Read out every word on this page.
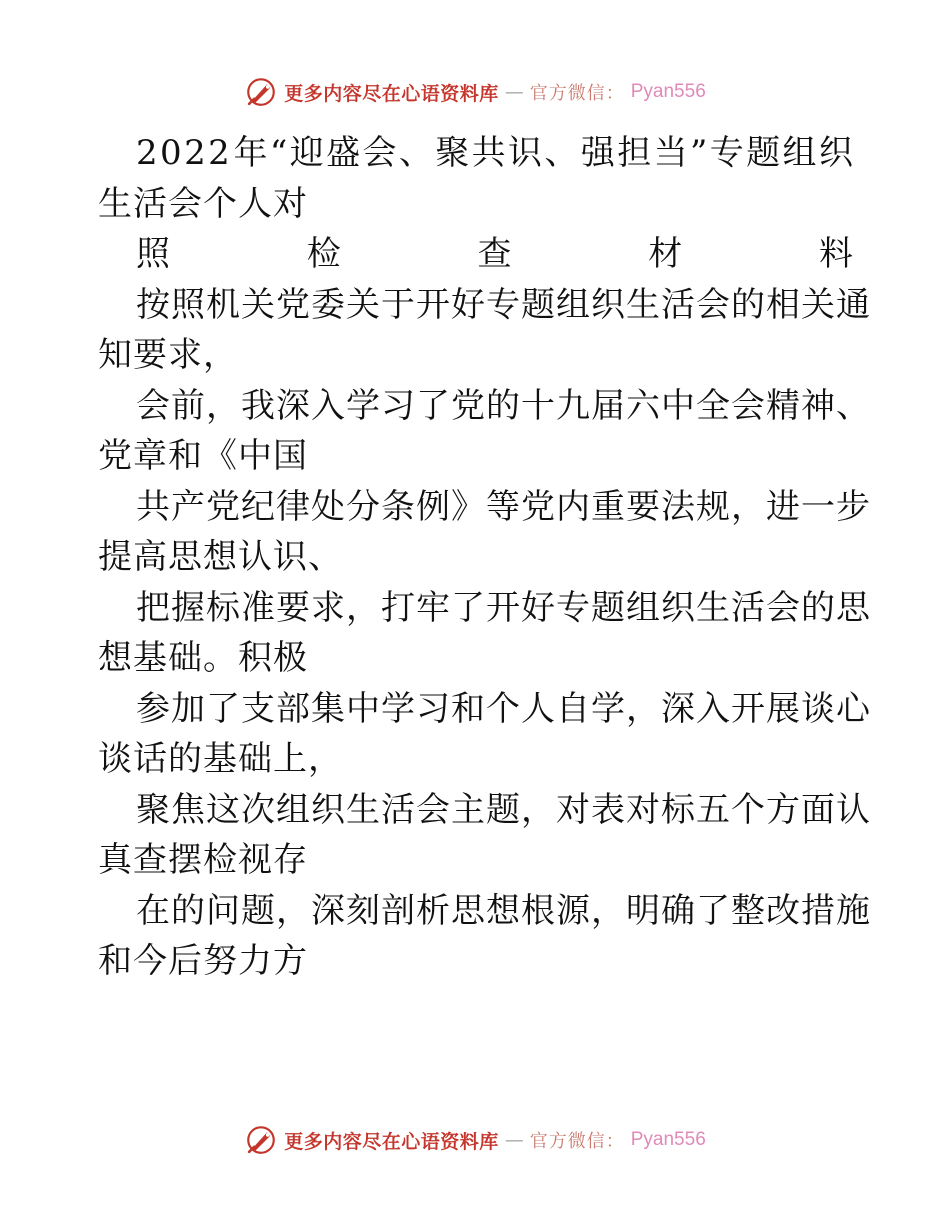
更多内容尽在心语资料库 — 官方微信： Pyan556
2 0 2 2 年 “ 迎 盛 会 、 聚 共 识 、 强 担 当 ” 专 题 组 织
生活会个人对
照	检	查	材	料
按 照 机 关 党 委 关 于 开 好 专 题 组 织 生 活 会 的 相 关 通
知要求，
会 前 ， 我 深 入 学 习 了 党 的 十 九 届 六 中 全 会 精 神 、
党章和《中国
共 产 党 纪 律 处 分 条 例 》 等 党 内 重 要 法 规 ， 进 一 步
提高思想认识、
把 握 标 准 要 求 ， 打 牢 了 开 好 专 题 组 织 生 活 会 的 思
想基础。积极
参 加 了 支 部 集 中 学 习 和 个 人 自 学 ， 深 入 开 展 谈 心
谈话的基础上，
聚 焦 这 次 组 织 生 活 会 主 题 ， 对 表 对 标 五 个 方 面 认
真查摆检视存
在 的 问 题 ， 深 刻 剖 析 思 想 根 源 ， 明 确 了 整 改 措 施
和今后努力方
更多内容尽在心语资料库 — 官方微信： Pyan556
